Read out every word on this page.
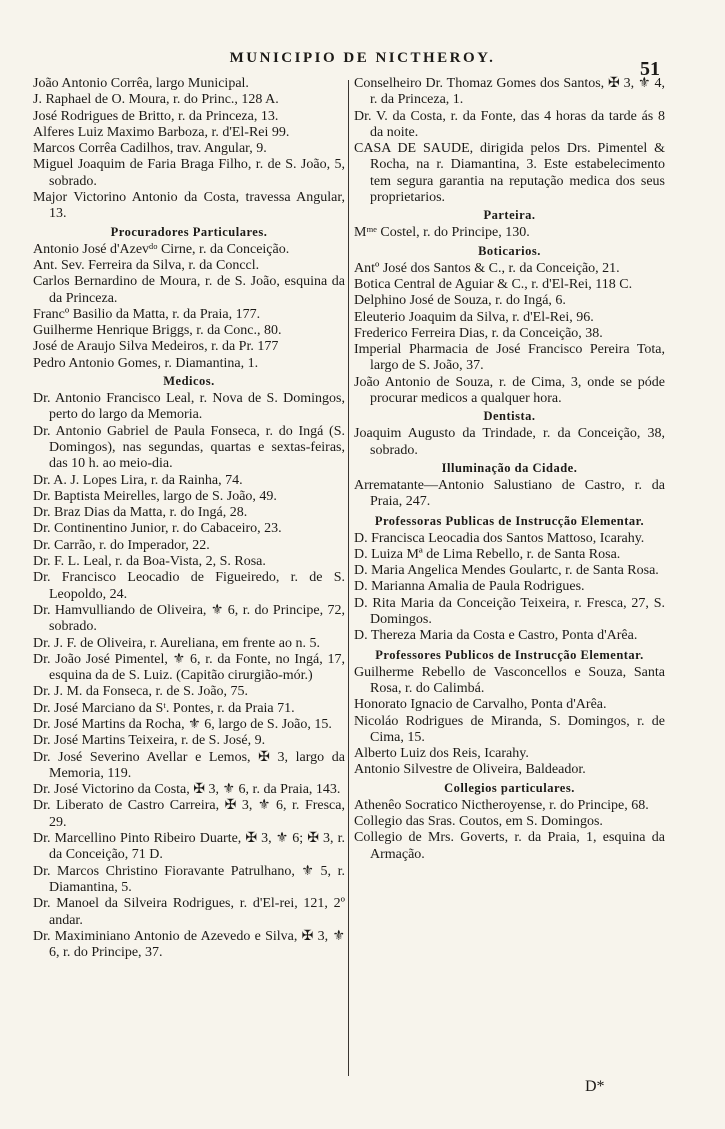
MUNICIPIO DE NICTHEROY.	51

João Antonio Corrêa, largo Municipal.

J. Raphael de O. Moura, r. do Princ., 128 A.

José Rodrigues de Britto, r. da Princeza, 13.

Alferes Luiz Maximo Barboza, r. d'El-Rei 99.

Marcos Corrêa Cadilhos, trav. Angular, 9.

Miguel Joaquim de Faria Braga Filho, r. de S. João, 5, sobrado.

Major Victorino Antonio da Costa, travessa Angular, 13.

Procuradores Particulares.

Antonio José d'Azevᵈᵒ Cirne, r. da Conceição.

Ant. Sev. Ferreira da Silva, r. da Conccl.

Carlos Bernardino de Moura, r. de S. João, esquina da da Princeza.

Francº Basilio da Matta, r. da Praia, 177.

Guilherme Henrique Briggs, r. da Conc., 80.

José de Araujo Silva Medeiros, r. da Pr. 177

Pedro Antonio Gomes, r. Diamantina, 1.

Medicos.

Dr. Antonio Francisco Leal, r. Nova de S. Domingos, perto do largo da Memoria.

Dr. Antonio Gabriel de Paula Fonseca, r. do Ingá (S. Domingos), nas segundas, quartas e sextas-feiras, das 10 h. ao meio-dia.

Dr. A. J. Lopes Lira, r. da Rainha, 74.

Dr. Baptista Meirelles, largo de S. João, 49.

Dr. Braz Dias da Matta, r. do Ingá, 28.

Dr. Continentino Junior, r. do Cabaceiro, 23.

Dr. Carrão, r. do Imperador, 22.

Dr. F. L. Leal, r. da Boa-Vista, 2, S. Rosa.

Dr. Francisco Leocadio de Figueiredo, r. de S. Leopoldo, 24.

Dr. Hamvulliando de Oliveira, ⚜ 6, r. do Principe, 72, sobrado.

Dr. J. F. de Oliveira, r. Aureliana, em frente ao n. 5.

Dr. João José Pimentel, ⚜ 6, r. da Fonte, no Ingá, 17, esquina da de S. Luiz. (Capitão cirurgião-mór.)

Dr. J. M. da Fonseca, r. de S. João, 75.

Dr. José Marciano da Sᵗ. Pontes, r. da Praia 71.

Dr. José Martins da Rocha, ⚜ 6, largo de S. João, 15.

Dr. José Martins Teixeira, r. de S. José, 9.

Dr. José Severino Avellar e Lemos, ✠ 3, largo da Memoria, 119.

Dr. José Victorino da Costa, ✠ 3, ⚜ 6, r. da Praia, 143.

Dr. Liberato de Castro Carreira, ✠ 3, ⚜ 6, r. Fresca, 29.

Dr. Marcellino Pinto Ribeiro Duarte, ✠ 3, ⚜ 6; ✠ 3, r. da Conceição, 71 D.

Dr. Marcos Christino Fioravante Patrulhano, ⚜ 5, r. Diamantina, 5.

Dr. Manoel da Silveira Rodrigues, r. d'El-rei, 121, 2º andar.

Dr. Maximiniano Antonio de Azevedo e Silva, ✠ 3, ⚜ 6, r. do Principe, 37.

Conselheiro Dr. Thomaz Gomes dos Santos, ✠ 3, ⚜ 4, r. da Princeza, 1.

Dr. V. da Costa, r. da Fonte, das 4 horas da tarde ás 8 da noite.

CASA DE SAUDE, dirigida pelos Drs. Pimentel & Rocha, na r. Diamantina, 3. Este estabelecimento tem segura garantia na reputação medica dos seus proprietarios.

Parteira.

Mᵐᵉ Costel, r. do Principe, 130.

Boticarios.

Antº José dos Santos & C., r. da Conceição, 21.

Botica Central de Aguiar & C., r. d'El-Rei, 118 C.

Delphino José de Souza, r. do Ingá, 6.

Eleuterio Joaquim da Silva, r. d'El-Rei, 96.

Frederico Ferreira Dias, r. da Conceição, 38.

Imperial Pharmacia de José Francisco Pereira Tota, largo de S. João, 37.

João Antonio de Souza, r. de Cima, 3, onde se póde procurar medicos a qualquer hora.

Dentista.

Joaquim Augusto da Trindade, r. da Conceição, 38, sobrado.

Illuminação da Cidade.

Arrematante—Antonio Salustiano de Castro, r. da Praia, 247.

Professoras Publicas de Instrucção Elementar.

D. Francisca Leocadia dos Santos Mattoso, Icarahy.

D. Luiza Mª de Lima Rebello, r. de Santa Rosa.

D. Maria Angelica Mendes Goulartc, r. de Santa Rosa.

D. Marianna Amalia de Paula Rodrigues.

D. Rita Maria da Conceição Teixeira, r. Fresca, 27, S. Domingos.

D. Thereza Maria da Costa e Castro, Ponta d'Arêa.

Professores Publicos de Instrucção Elementar.

Guilherme Rebello de Vasconcellos e Souza, Santa Rosa, r. do Calimbá.

Honorato Ignacio de Carvalho, Ponta d'Arêa.

Nicoláo Rodrigues de Miranda, S. Domingos, r. de Cima, 15.

Alberto Luiz dos Reis, Icarahy.

Antonio Silvestre de Oliveira, Baldeador.

Collegios particulares.

Athenêo Socratico Nictheroyense, r. do Principe, 68.

Collegio das Sras. Coutos, em S. Domingos.

Collegio de Mrs. Goverts, r. da Praia, 1, esquina da Armação.

D*
